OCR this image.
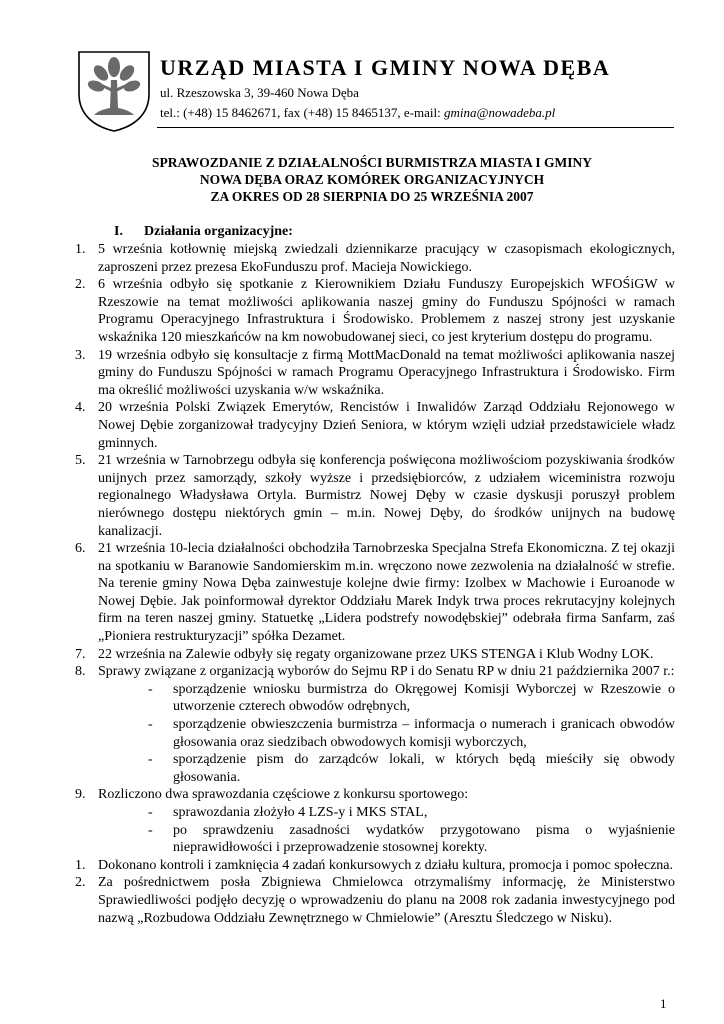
URZĄD MIASTA I GMINY NOWA DĘBA
ul. Rzeszowska 3, 39-460 Nowa Dęba
tel.: (+48) 15 8462671, fax (+48) 15 8465137, e-mail: gmina@nowadeba.pl
SPRAWOZDANIE Z DZIAŁALNOŚCI BURMISTRZA MIASTA I GMINY
NOWA DĘBA ORAZ KOMÓREK ORGANIZACYJNYCH
ZA OKRES OD 28 SIERPNIA DO 25 WRZEŚNIA 2007
I. Działania organizacyjne:
1. 5 września kotłownię miejską zwiedzali dziennikarze pracujący w czasopismach ekologicznych, zaproszeni przez prezesa EkoFunduszu prof. Macieja Nowickiego.
2. 6 września odbyło się spotkanie z Kierownikiem Działu Funduszy Europejskich WFOŚiGW w Rzeszowie na temat możliwości aplikowania naszej gminy do Funduszu Spójności w ramach Programu Operacyjnego Infrastruktura i Środowisko. Problemem z naszej strony jest uzyskanie wskaźnika 120 mieszkańców na km nowobudowanej sieci, co jest kryterium dostępu do programu.
3. 19 września odbyło się konsultacje z firmą MottMacDonald na temat możliwości aplikowania naszej gminy do Funduszu Spójności w ramach Programu Operacyjnego Infrastruktura i Środowisko. Firm ma określić możliwości uzyskania w/w wskaźnika.
4. 20 września Polski Związek Emerytów, Rencistów i Inwalidów Zarząd Oddziału Rejonowego w Nowej Dębie zorganizował tradycyjny Dzień Seniora, w którym wzięli udział przedstawiciele władz gminnych.
5. 21 września w Tarnobrzegu odbyła się konferencja poświęcona możliwościom pozyskiwania środków unijnych przez samorządy, szkoły wyższe i przedsiębiorców, z udziałem wiceministra rozwoju regionalnego Władysława Ortyla. Burmistrz Nowej Dęby w czasie dyskusji poruszył problem nierównego dostępu niektórych gmin – m.in. Nowej Dęby, do środków unijnych na budowę kanalizacji.
6. 21 września 10-lecia działalności obchodziła Tarnobrzeska Specjalna Strefa Ekonomiczna. Z tej okazji na spotkaniu w Baranowie Sandomierskim m.in. wręczono nowe zezwolenia na działalność w strefie. Na terenie gminy Nowa Dęba zainwestuje kolejne dwie firmy: Izolbex w Machowie i Euroanode w Nowej Dębie. Jak poinformował dyrektor Oddziału Marek Indyk trwa proces rekrutacyjny kolejnych firm na teren naszej gminy. Statuetkę „Lidera podstrefy nowodębskiej” odebrała firma Sanfarm, zaś „Pioniera restrukturyzacji” spółka Dezamet.
7. 22 września na Zalewie odbyły się regaty organizowane przez UKS STENGA i Klub Wodny LOK.
8. Sprawy związane z organizacją wyborów do Sejmu RP i do Senatu RP w dniu 21 października 2007 r.:
- sporządzenie wniosku burmistrza do Okręgowej Komisji Wyborczej w Rzeszowie o utworzenie czterech obwodów odrębnych,
- sporządzenie obwieszczenia burmistrza – informacja o numerach i granicach obwodów głosowania oraz siedzibach obwodowych komisji wyborczych,
- sporządzenie pism do zarządców lokali, w których będą mieściły się obwody głosowania.
9. Rozliczono dwa sprawozdania częściowe z konkursu sportowego:
- sprawozdania złożyło 4 LZS-y i MKS STAL,
- po sprawdzeniu zasadności wydatków przygotowano pisma o wyjaśnienie nieprawidłowości i przeprowadzenie stosownej korekty.
1. Dokonano kontroli i zamknięcia 4 zadań konkursowych z działu kultura, promocja i pomoc społeczna.
2. Za pośrednictwem posła Zbigniewa Chmielowca otrzymaliśmy informację, że Ministerstwo Sprawiedliwości podjęło decyzję o wprowadzeniu do planu na 2008 rok zadania inwestycyjnego pod nazwą „Rozbudowa Oddziału Zewnętrznego w Chmielowie” (Aresztu Śledczego w Nisku).
1
